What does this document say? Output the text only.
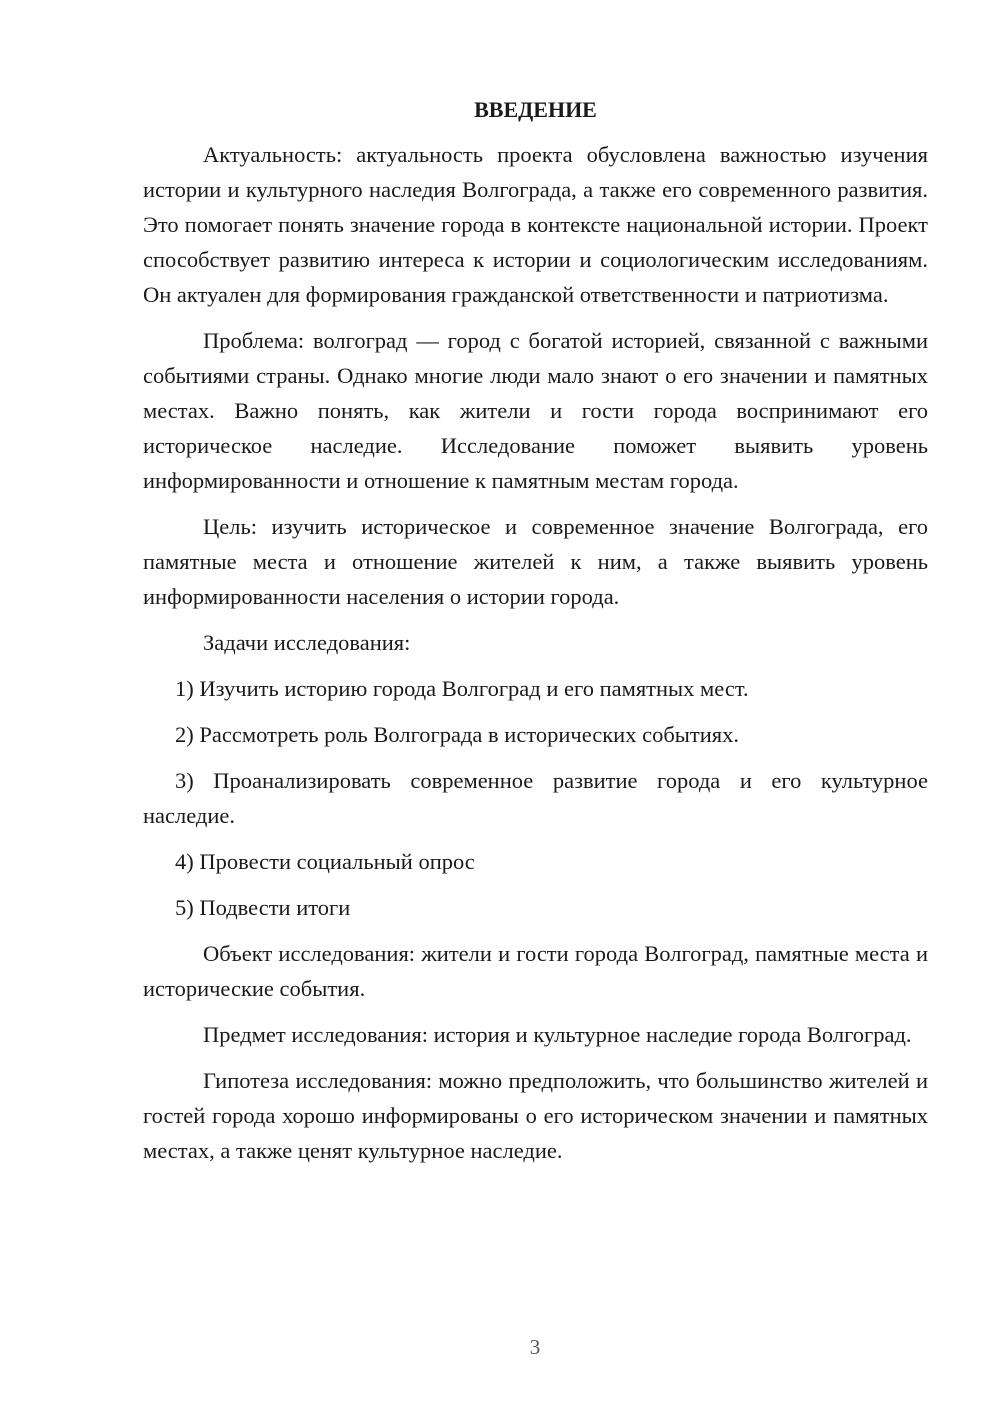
ВВЕДЕНИЕ

Актуальность: актуальность проекта обусловлена важностью изучения истории и культурного наследия Волгограда, а также его современного развития. Это помогает понять значение города в контексте национальной истории. Проект способствует развитию интереса к истории и социологическим исследованиям. Он актуален для формирования гражданской ответственности и патриотизма.

Проблема: волгоград — город с богатой историей, связанной с важными событиями страны. Однако многие люди мало знают о его значении и памятных местах. Важно понять, как жители и гости города воспринимают его историческое наследие. Исследование поможет выявить уровень информированности и отношение к памятным местам города.

Цель: изучить историческое и современное значение Волгограда, его памятные места и отношение жителей к ним, а также выявить уровень информированности населения о истории города.

Задачи исследования:

1) Изучить историю города Волгоград и его памятных мест.

2) Рассмотреть роль Волгограда в исторических событиях.

3) Проанализировать современное развитие города и его культурное наследие.

4) Провести социальный опрос

5) Подвести итоги

Объект исследования: жители и гости города Волгоград, памятные места и исторические события.

Предмет исследования: история и культурное наследие города Волгоград.

Гипотеза исследования: можно предположить, что большинство жителей и гостей города хорошо информированы о его историческом значении и памятных местах, а также ценят культурное наследие.

3
